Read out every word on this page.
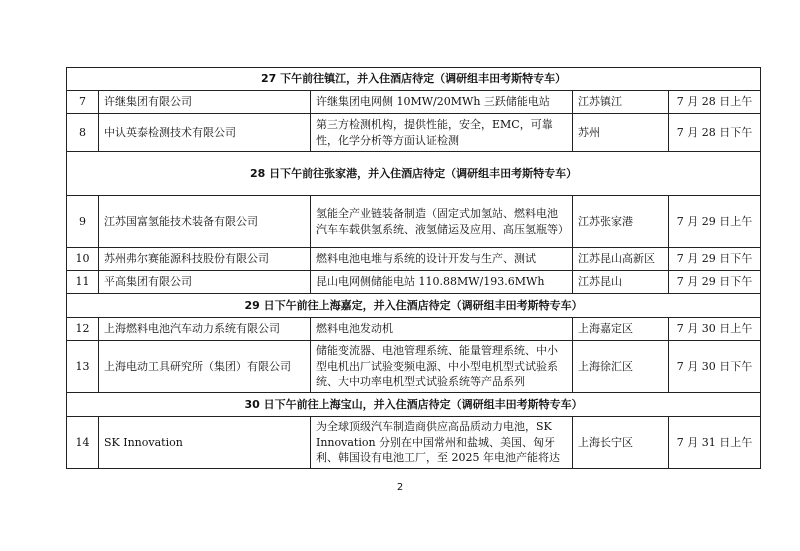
27 下午前往镇江，并入住酒店待定（调研组丰田考斯特专车）				
7	许继集团有限公司	许继集团电网侧 10MW/20MWh 三跃储能电站	江苏镇江	7 月 28 日上午
8	中认英泰检测技术有限公司	第三方检测机构，提供性能，安全，EMC，可靠性，化学分析等方面认证检测	苏州	7 月 28 日下午
28 日下午前往张家港，并入住酒店待定（调研组丰田考斯特专车）				
9	江苏国富氢能技术装备有限公司	氢能全产业链装备制造（固定式加氢站、燃料电池汽车车载供氢系统、液氢储运及应用、高压氢瓶等）	江苏张家港	7 月 29 日上午
10	苏州弗尔赛能源科技股份有限公司	燃料电池电堆与系统的设计开发与生产、测试	江苏昆山高新区	7 月 29 日下午
11	平高集团有限公司	昆山电网侧储能电站 110.88MW/193.6MWh	江苏昆山	7 月 29 日下午
29 日下午前往上海嘉定，并入住酒店待定（调研组丰田考斯特专车）				
12	上海燃料电池汽车动力系统有限公司	燃料电池发动机	上海嘉定区	7 月 30 日上午
13	上海电动工具研究所（集团）有限公司	储能变流器、电池管理系统、能量管理系统、中小型电机出厂试验变频电源、中小型电机型式试验系统、大中功率电机型式试验系统等产品系列	上海徐汇区	7 月 30 日下午
30 日下午前往上海宝山，并入住酒店待定（调研组丰田考斯特专车）				
14	SK Innovation	为全球顶级汽车制造商供应高品质动力电池，SK Innovation 分别在中国常州和盐城、美国、匈牙利、韩国设有电池工厂，至 2025 年电池产能将达	上海长宁区	7 月 31 日上午
2
